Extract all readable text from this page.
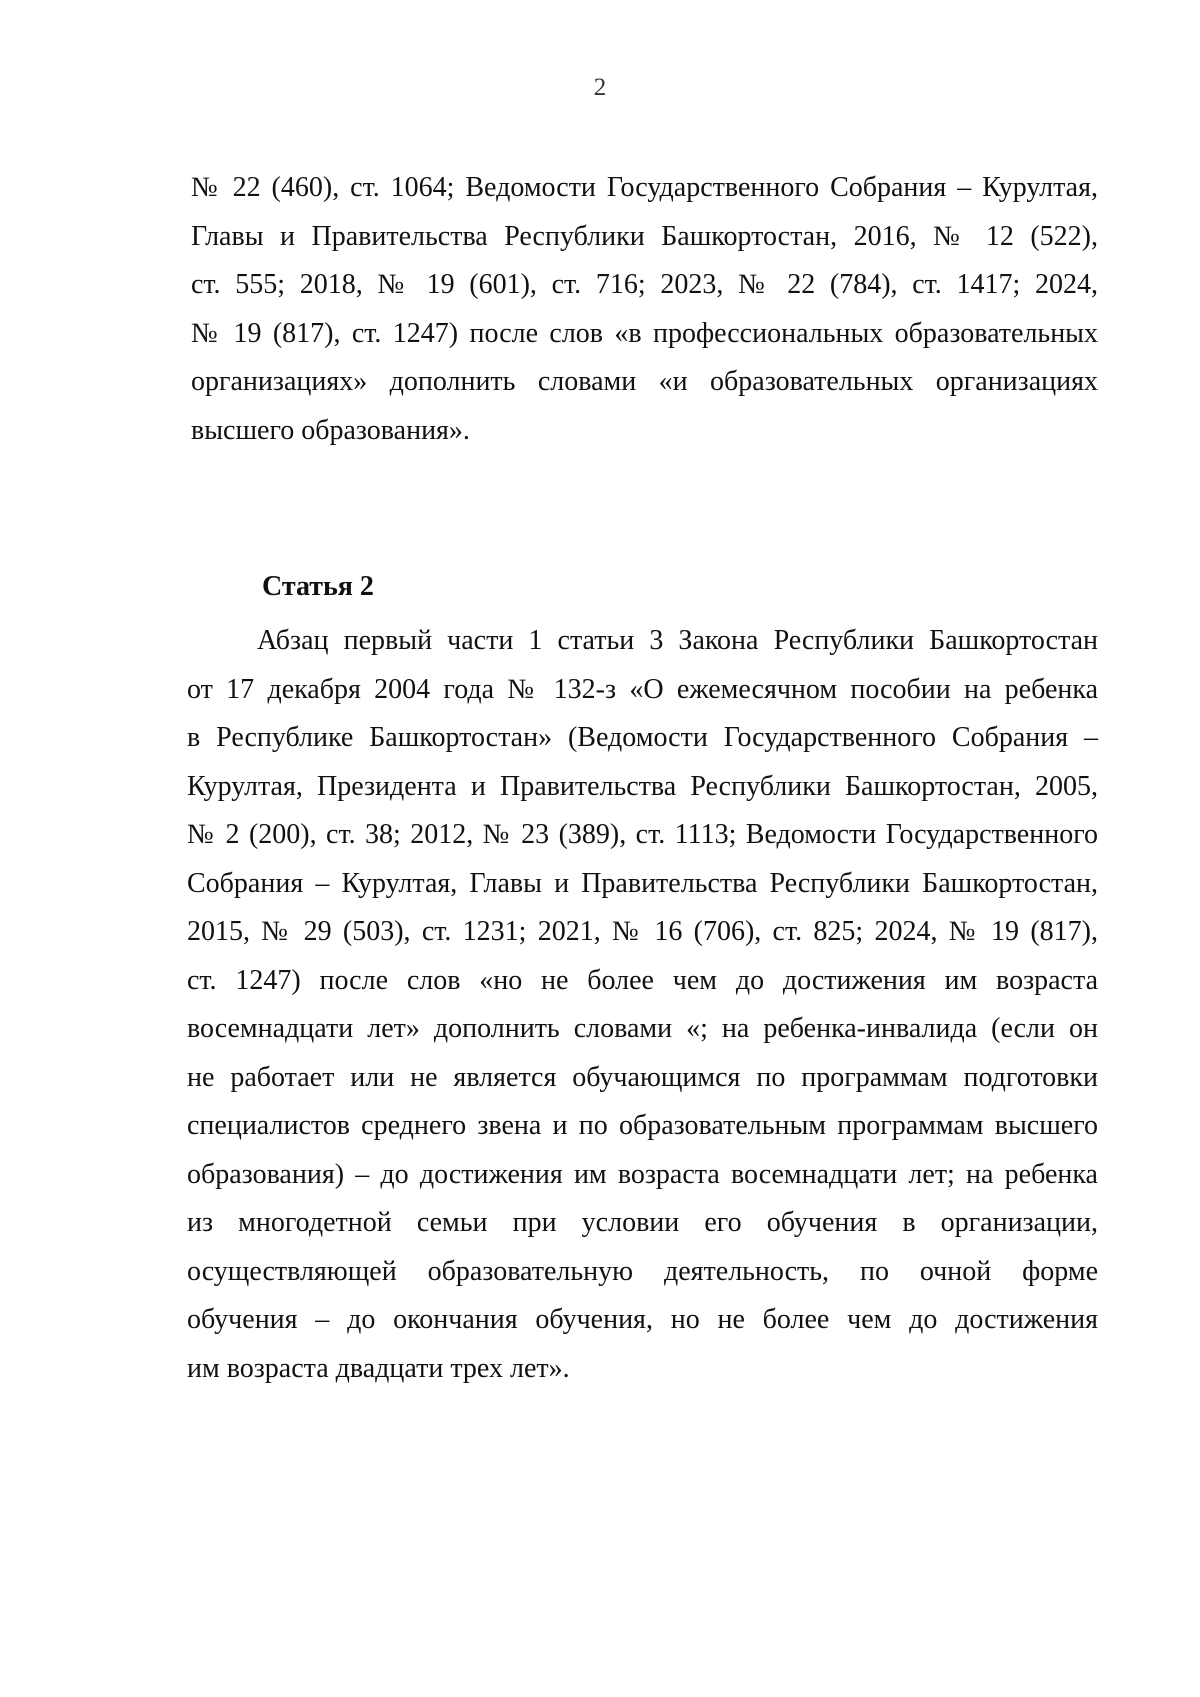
2
№ 22 (460), ст. 1064; Ведомости Государственного Собрания – Курултая,
Главы и Правительства Республики Башкортостан, 2016, № 12 (522),
ст. 555; 2018, № 19 (601), ст. 716; 2023, № 22 (784), ст. 1417; 2024,
№ 19 (817), ст. 1247) после слов «в профессиональных образовательных
организациях» дополнить словами «и образовательных организациях
высшего образования».
Статья 2
Абзац первый части 1 статьи 3 Закона Республики Башкортостан
от 17 декабря 2004 года № 132-з «О ежемесячном пособии на ребенка
в Республике Башкортостан» (Ведомости Государственного Собрания –
Курултая, Президента и Правительства Республики Башкортостан, 2005,
№ 2 (200), ст. 38; 2012, № 23 (389), ст. 1113; Ведомости Государственного
Собрания – Курултая, Главы и Правительства Республики Башкортостан,
2015, № 29 (503), ст. 1231; 2021, № 16 (706), ст. 825; 2024, № 19 (817),
ст. 1247) после слов «но не более чем до достижения им возраста
восемнадцати лет» дополнить словами «; на ребенка-инвалида (если он
не работает или не является обучающимся по программам подготовки
специалистов среднего звена и по образовательным программам высшего
образования) – до достижения им возраста восемнадцати лет; на ребенка
из многодетной семьи при условии его обучения в организации,
осуществляющей образовательную деятельность, по очной форме
обучения – до окончания обучения, но не более чем до достижения
им возраста двадцати трех лет».
